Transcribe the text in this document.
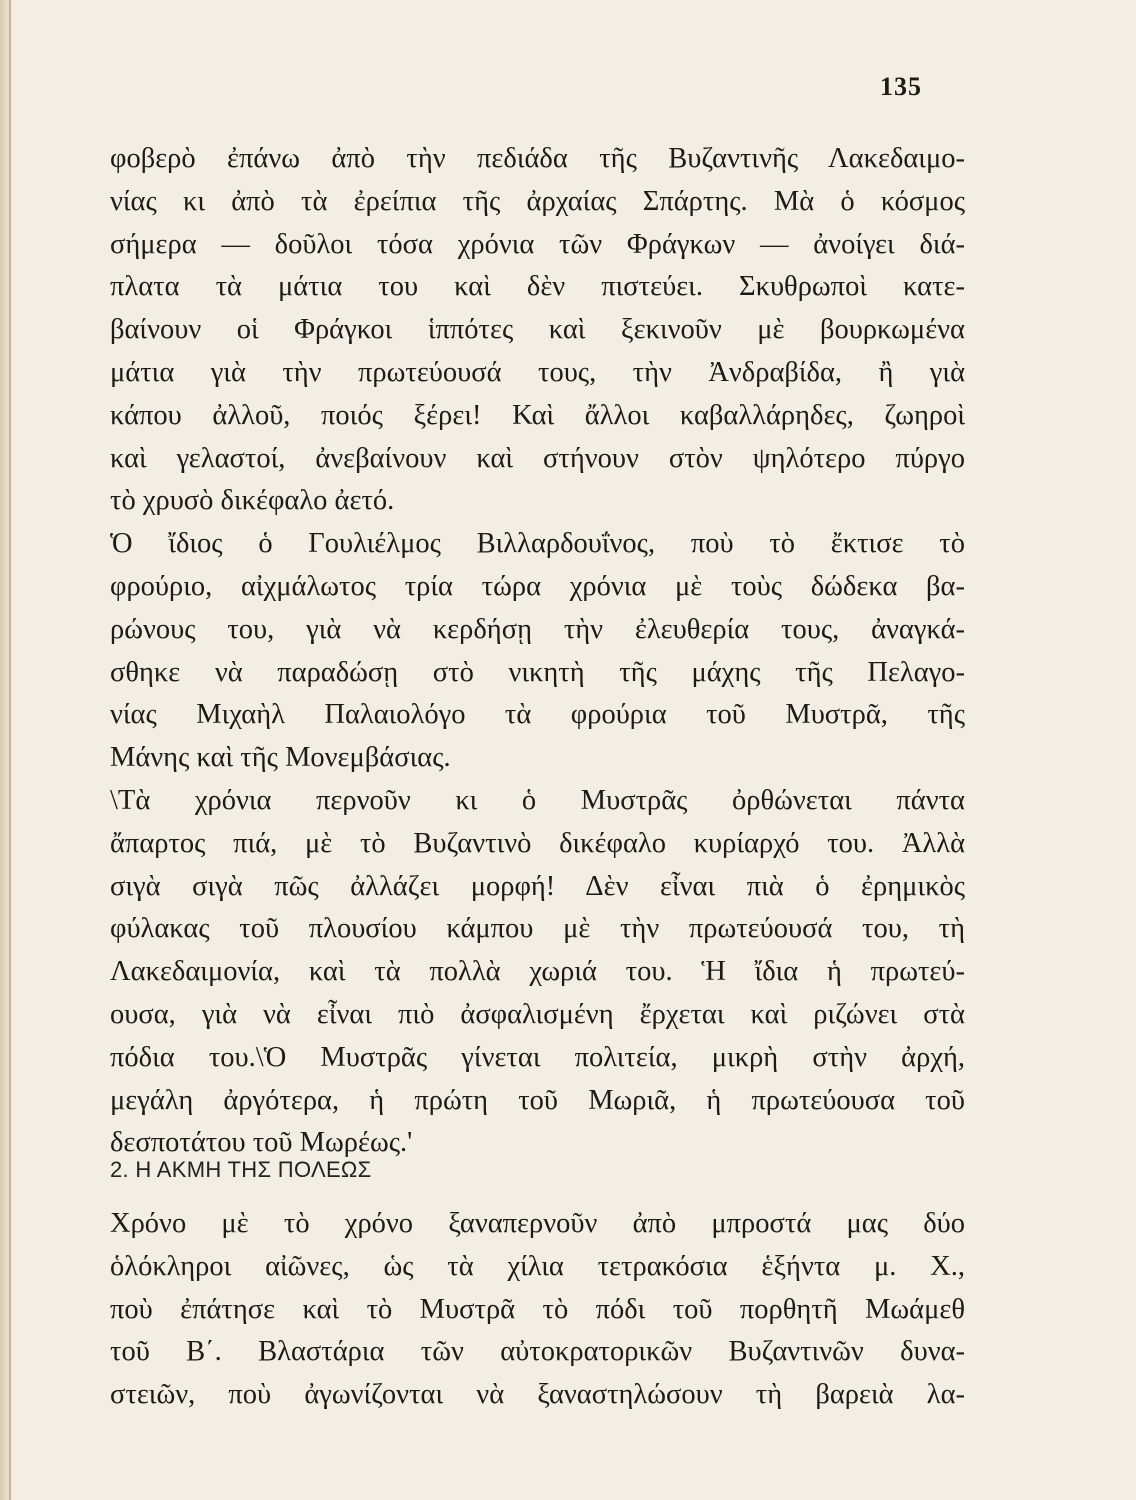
135
φοβερὸ ἐπάνω ἀπὸ τὴν πεδιάδα τῆς Βυζαντινῆς Λακεδαιμο-
νίας κι ἀπὸ τὰ ἐρείπια τῆς ἀρχαίας Σπάρτης. Μὰ ὁ κόσμος
σήμερα — δοῦλοι τόσα χρόνια τῶν Φράγκων — ἀνοίγει διά-
πλατα τὰ μάτια του καὶ δὲν πιστεύει. Σκυθρωποὶ κατε-
βαίνουν οἱ Φράγκοι ἱππότες καὶ ξεκινοῦν μὲ βουρκωμένα
μάτια γιὰ τὴν πρωτεύουσά τους, τὴν Ἀνδραβίδα, ἢ γιὰ
κάπου ἀλλοῦ, ποιός ξέρει! Καὶ ἄλλοι καβαλλάρηδες, ζωηροὶ
καὶ γελαστοί, ἀνεβαίνουν καὶ στήνουν στὸν ψηλότερο πύργο
τὸ χρυσὸ δικέφαλο ἀετό.
Ὁ ἴδιος ὁ Γουλιέλμος Βιλλαρδουΐνος, ποὺ τὸ ἔκτισε τὸ
φρούριο, αἰχμάλωτος τρία τώρα χρόνια μὲ τοὺς δώδεκα βα-
ρώνους του, γιὰ νὰ κερδήσῃ τὴν ἐλευθερία τους, ἀναγκά-
σθηκε νὰ παραδώσῃ στὸ νικητὴ τῆς μάχης τῆς Πελαγο-
νίας Μιχαὴλ Παλαιολόγο τὰ φρούρια τοῦ Μυστρᾶ, τῆς
Μάνης καὶ τῆς Μονεμβάσιας.
\Τὰ χρόνια περνοῦν κι ὁ Μυστρᾶς ὀρθώνεται πάντα
ἄπαρτος πιά, μὲ τὸ Βυζαντινὸ δικέφαλο κυρίαρχό του. Ἀλλὰ
σιγὰ σιγὰ πῶς ἀλλάζει μορφή! Δὲν εἶναι πιὰ ὁ ἐρημικὸς
φύλακας τοῦ πλουσίου κάμπου μὲ τὴν πρωτεύουσά του, τὴ
Λακεδαιμονία, καὶ τὰ πολλὰ χωριά του. Ἡ ἴδια ἡ πρωτεύ-
ουσα, γιὰ νὰ εἶναι πιὸ ἀσφαλισμένη ἔρχεται καὶ ριζώνει στὰ
πόδια του.\Ὁ Μυστρᾶς γίνεται πολιτεία, μικρὴ στὴν ἀρχή,
μεγάλη ἀργότερα, ἡ πρώτη τοῦ Μωριᾶ, ἡ πρωτεύουσα τοῦ
δεσποτάτου τοῦ Μωρέως.'
2. Η ΑΚΜΗ ΤΗΣ ΠΟΛΕΩΣ
Χρόνο μὲ τὸ χρόνο ξαναπερνοῦν ἀπὸ μπροστά μας δύο
ὁλόκληροι αἰῶνες, ὡς τὰ χίλια τετρακόσια ἑξήντα μ. Χ.,
ποὺ ἐπάτησε καὶ τὸ Μυστρᾶ τὸ πόδι τοῦ πορθητῆ Μωάμεθ
τοῦ Β΄. Βλαστάρια τῶν αὐτοκρατορικῶν Βυζαντινῶν δυνα-
στειῶν, ποὺ ἀγωνίζονται νὰ ξαναστηλώσουν τὴ βαρειὰ λα-
